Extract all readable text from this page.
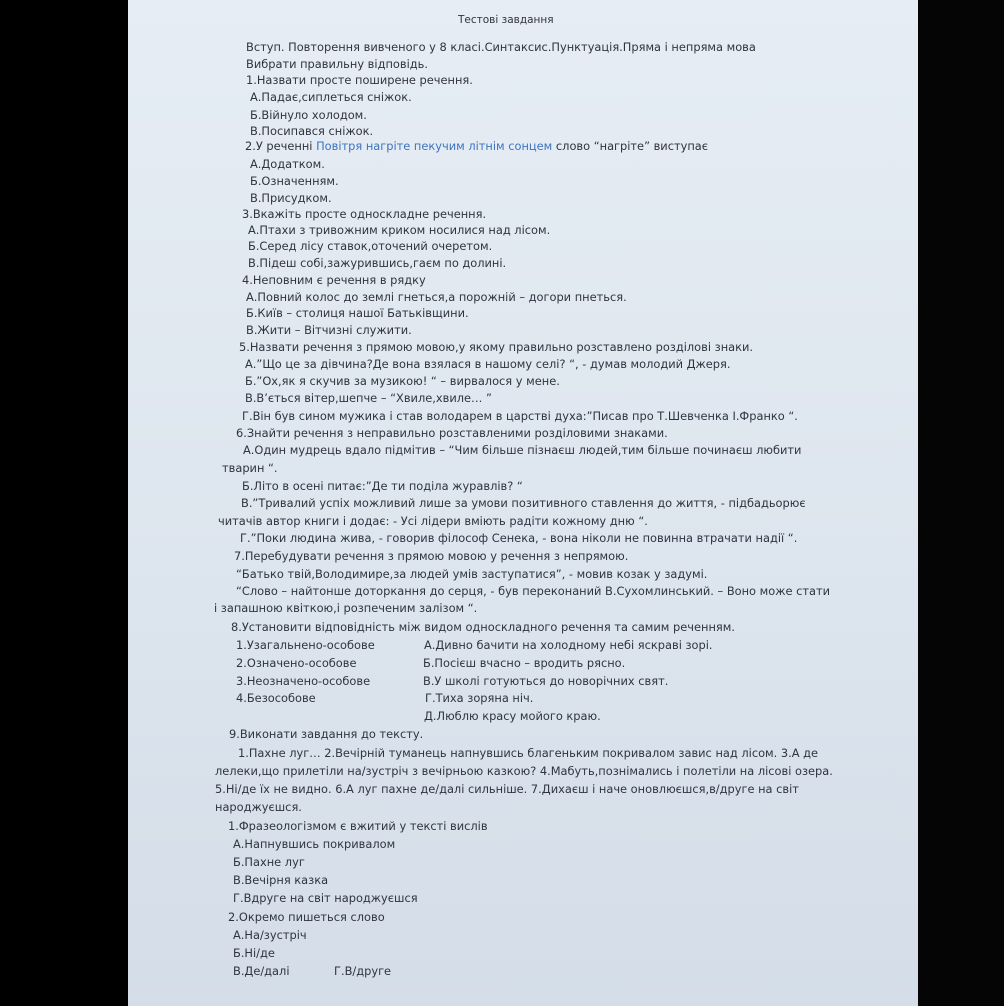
Тестові завдання
Вступ. Повторення вивченого у 8 класі.Синтаксис.Пунктуація.Пряма і непряма мова
Вибрати правильну відповідь.
1.Назвати просте поширене речення.
А.Падає,сиплеться сніжок.
Б.Війнуло холодом.
В.Посипався сніжок.
2.У реченні Повітря нагріте пекучим літнім сонцем слово “нагріте” виступає
А.Додатком.
Б.Означенням.
В.Присудком.
3.Вкажіть просте односкладне речення.
А.Птахи з тривожним криком носилися над лісом.
Б.Серед лісу ставок,оточений очеретом.
В.Підеш собі,зажурившись,гаєм по долині.
4.Неповним є речення в рядку
А.Повний колос до землі гнеться,а порожній – догори пнеться.
Б.Київ – столиця нашої Батьківщини.
В.Жити – Вітчизні служити.
5.Назвати речення з прямою мовою,у якому правильно розставлено розділові знаки.
А.”Що це за дівчина?Де вона взялася в нашому селі? “, - думав молодий Джеря.
Б.”Ох,як я скучив за музикою! “ – вирвалося у мене.
В.В’ється вітер,шепче – “Хвиле,хвиле… ”
Г.Він був сином мужика і став володарем в царстві духа:”Писав про Т.Шевченка І.Франко “.
6.Знайти речення з неправильно розставленими розділовими знаками.
А.Один мудрець вдало підмітив – “Чим більше пізнаєш людей,тим більше починаєш любити
тварин “.
Б.Літо в осені питає:”Де ти поділа журавлів? “
В.”Тривалий успіх можливий лише за умови позитивного ставлення до життя, - підбадьорює
читачів автор книги і додає: - Усі лідери вміють радіти кожному дню “.
Г.”Поки людина жива, - говорив філософ Сенека, - вона ніколи не повинна втрачати надії “.
7.Перебудувати речення з прямою мовою у речення з непрямою.
“Батько твій,Володимире,за людей умів заступатися”, - мовив козак у задумі.
“Слово – найтонше доторкання до серця, - був переконаний В.Сухомлинський. – Воно може стати
і запашною квіткою,і розпеченим залізом “.
8.Установити відповідність між видом односкладного речення та самим реченням.
1.Узагальнено-особове
2.Означено-особове
3.Неозначено-особове
4.Безособове
А.Дивно бачити на холодному небі яскраві зорі.
Б.Посієш вчасно – вродить рясно.
В.У школі готуються до новорічних свят.
Г.Тиха зоряна ніч.
Д.Люблю красу мойого краю.
9.Виконати завдання до тексту.
1.Пахне луг… 2.Вечірній туманець напнувшись благеньким покривалом завис над лісом. 3.А де
лелеки,що прилетіли на/зустріч з вечірньою казкою? 4.Мабуть,познімались і полетіли на лісові озера.
5.Ні/де їх не видно. 6.А луг пахне де/далі сильніше. 7.Дихаєш і наче оновлюєшся,в/друге на світ
народжуєшся.
1.Фразеологізмом є вжитий у тексті вислів
А.Напнувшись покривалом
Б.Пахне луг
В.Вечірня казка
Г.Вдруге на світ народжуєшся
2.Окремо пишеться слово
А.На/зустріч
Б.Ні/де
В.Де/далі	Г.В/друге
